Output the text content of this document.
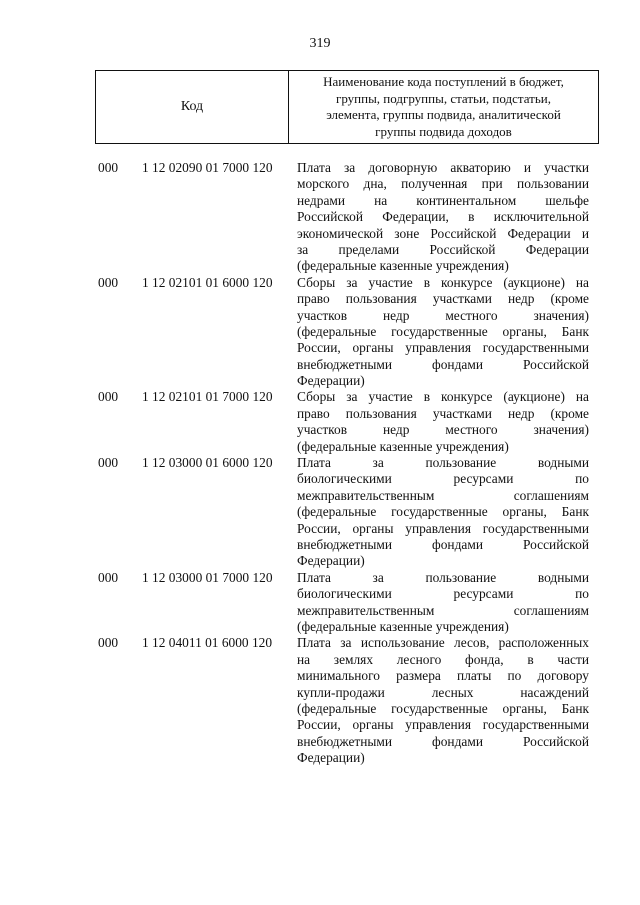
319
Код
Наименование кода поступлений в бюджет,
группы, подгруппы, статьи, подстатьи,
элемента, группы подвида, аналитической
группы подвида доходов
000 1 12 02090 01 7000 120 Плата за договорную акваторию и участки
морского дна, полученная при пользовании
недрами на континентальном шельфе
Российской Федерации, в исключительной
экономической зоне Российской Федерации и
за пределами Российской Федерации
(федеральные казенные учреждения)
000 1 12 02101 01 6000 120 Сборы за участие в конкурсе (аукционе) на
право пользования участками недр (кроме
участков недр местного значения)
(федеральные государственные органы, Банк
России, органы управления государственными
внебюджетными фондами Российской
Федерации)
000 1 12 02101 01 7000 120 Сборы за участие в конкурсе (аукционе) на
право пользования участками недр (кроме
участков недр местного значения)
(федеральные казенные учреждения)
000 1 12 03000 01 6000 120 Плата за пользование водными
биологическими ресурсами по
межправительственным соглашениям
(федеральные государственные органы, Банк
России, органы управления государственными
внебюджетными фондами Российской
Федерации)
000 1 12 03000 01 7000 120 Плата за пользование водными
биологическими ресурсами по
межправительственным соглашениям
(федеральные казенные учреждения)
000 1 12 04011 01 6000 120 Плата за использование лесов, расположенных
на землях лесного фонда, в части
минимального размера платы по договору
купли-продажи лесных насаждений
(федеральные государственные органы, Банк
России, органы управления государственными
внебюджетными фондами Российской
Федерации)
